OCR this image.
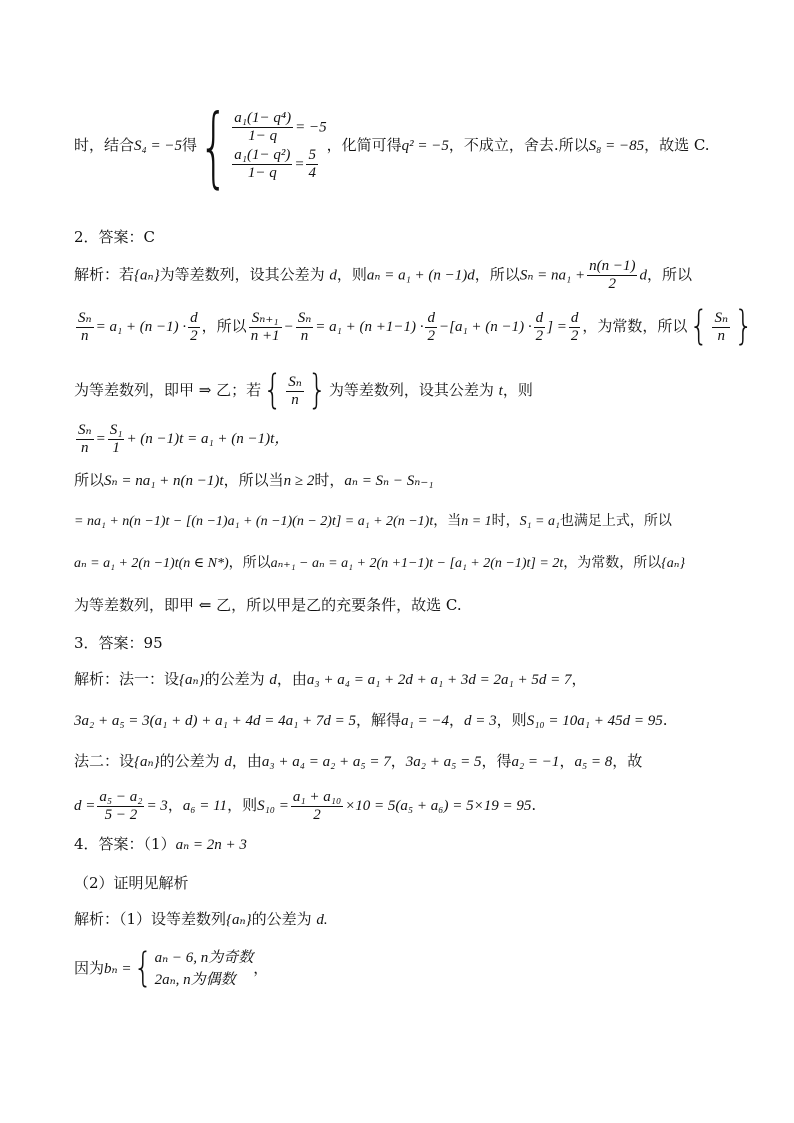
时，结合S₄ = −5得{ $\frac{\text{a₁(1− q⁴)}}{1- q} = -5$
$\frac{\text{a₁(1− q²)}}{1- q} = \frac{5}{4}$
，化简可得q² = −5，不成立，舍去.所以S₈ = −85，故选 C.
2．答案：C
解析：若{aₙ}为等差数列，设其公差为 d，则aₙ = a₁ + (n −1)d，所以$S_n = na_1 + \frac{n(n -1)}{2}$ d，所以
$\frac{\text{Sₙ}}{n} = a_1 + (n -1) \cdot \frac{d}{2}$ ，所以 $\frac{\text{Sₙ₊₁}}{n +1} - \frac{\text{Sₙ}}{n} = a_1 + (n +1-1) \cdot \frac{d}{2} -[a_1 + (n -1) \cdot \frac{d}{2}$ ] = $\frac{d}{2}$ ，为常数，所以{ $\frac{\text{Sₙ}}{n}$ }
为等差数列，即甲 ⇒ 乙；若{ $\frac{\text{Sₙ}}{n}$ } 为等差数列，设其公差为 t，则
$\frac{\text{Sₙ}}{n} = \frac{\text{S₁}}{1} + (n -1)t = a_1 + (n -1)t$，
所以Sₙ = na₁ + n(n −1)t，所以当n ≥ 2时，aₙ = Sₙ − Sₙ₋₁
= na₁ + n(n −1)t − [(n −1)a₁ + (n −1)(n − 2)t] = a₁ + 2(n −1)t，当n = 1时，S₁ = a₁也满足上式，所以
aₙ = a₁ + 2(n −1)t(n ∈ N*)，所以aₙ₊₁ − aₙ = a₁ + 2(n +1−1)t − [a₁ + 2(n −1)t] = 2t，为常数，所以{aₙ}
为等差数列，即甲 ⇐ 乙，所以甲是乙的充要条件，故选 C.
3．答案：95
解析：法一：设{aₙ}的公差为 d，由a₃ + a₄ = a₁ + 2d + a₁ + 3d = 2a₁ + 5d = 7，
3a₂ + a₅ = 3(a₁ + d) + a₁ + 4d = 4a₁ + 7d = 5，解得a₁ = −4，d = 3，则S₁₀ = 10a₁ + 45d = 95.
法二：设{aₙ}的公差为 d，由a₃ + a₄ = a₂ + a₅ = 7，3a₂ + a₅ = 5，得a₂ = −1，a₅ = 8，故
$d = \frac{\text{a₅ − a₂}}{5 - 2} = 3$，a₆ = 11，则$S_{10} = \frac{\text{a₁ + a₁₀}}{2} \times 10 = 5(a_5 + a_6) = 5\times 19 = 95$.
4．答案：（1）aₙ = 2n + 3
（2）证明见解析
解析：（1）设等差数列{aₙ}的公差为 d.
因为bₙ ={ aₙ − 6, n为奇数
2aₙ, n为偶数
，
